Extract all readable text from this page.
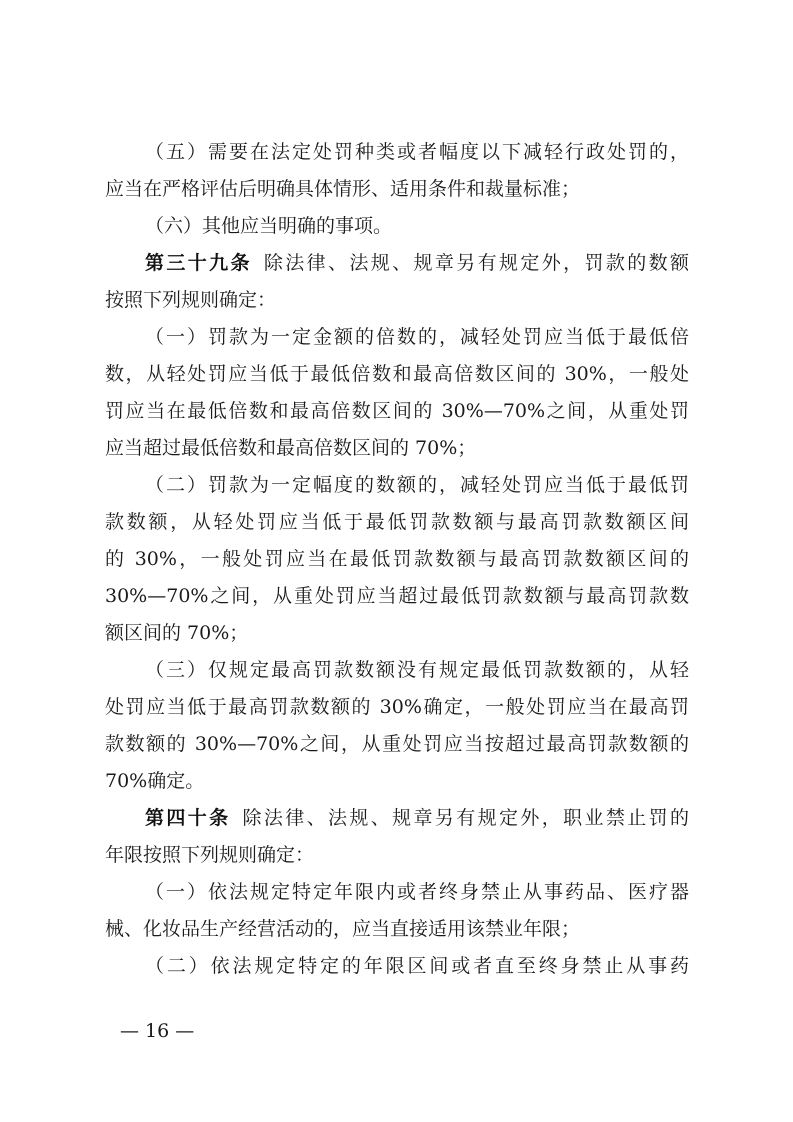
（五）需要在法定处罚种类或者幅度以下减轻行政处罚的，
应当在严格评估后明确具体情形、适用条件和裁量标准；
（六）其他应当明确的事项。
第三十九条 除法律、法规、规章另有规定外，罚款的数额
按照下列规则确定：
（一）罚款为一定金额的倍数的，减轻处罚应当低于最低倍
数，从轻处罚应当低于最低倍数和最高倍数区间的 30%，一般处
罚应当在最低倍数和最高倍数区间的 30%—70%之间，从重处罚
应当超过最低倍数和最高倍数区间的 70%；
（二）罚款为一定幅度的数额的，减轻处罚应当低于最低罚
款数额，从轻处罚应当低于最低罚款数额与最高罚款数额区间
的 30%，一般处罚应当在最低罚款数额与最高罚款数额区间的
30%—70%之间，从重处罚应当超过最低罚款数额与最高罚款数
额区间的 70%；
（三）仅规定最高罚款数额没有规定最低罚款数额的，从轻
处罚应当低于最高罚款数额的 30%确定，一般处罚应当在最高罚
款数额的 30%—70%之间，从重处罚应当按超过最高罚款数额的
70%确定。
第四十条 除法律、法规、规章另有规定外，职业禁止罚的
年限按照下列规则确定：
（一）依法规定特定年限内或者终身禁止从事药品、医疗器
械、化妆品生产经营活动的，应当直接适用该禁业年限；
（二）依法规定特定的年限区间或者直至终身禁止从事药
— 16 —
